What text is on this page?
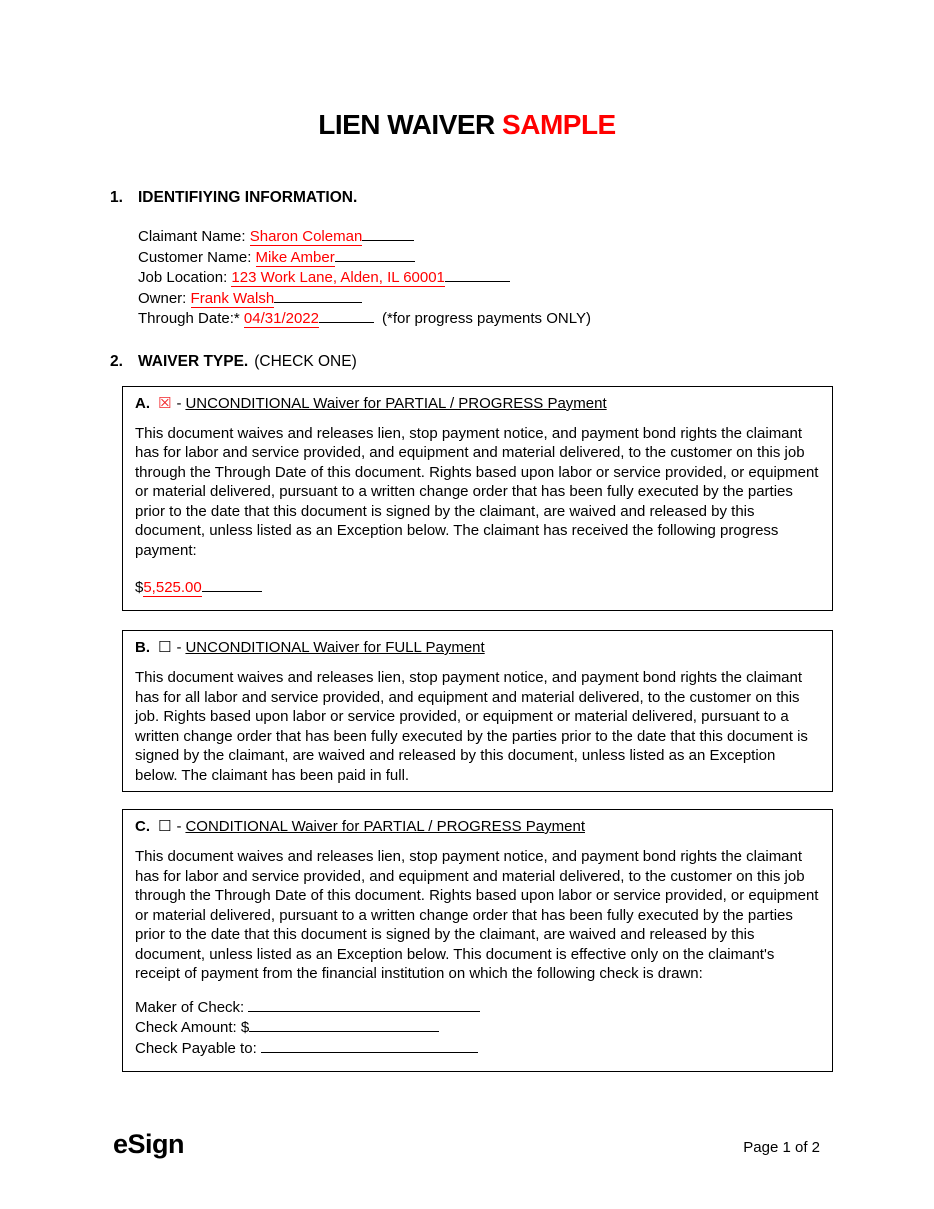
LIEN WAIVER SAMPLE
1. IDENTIFIYING INFORMATION.
Claimant Name: Sharon Coleman
Customer Name: Mike Amber
Job Location: 123 Work Lane, Alden, IL 60001
Owner: Frank Walsh
Through Date:* 04/31/2022	(*for progress payments ONLY)
2. WAIVER TYPE. (CHECK ONE)
A. ☒ - UNCONDITIONAL Waiver for PARTIAL / PROGRESS Payment

This document waives and releases lien, stop payment notice, and payment bond rights the claimant has for labor and service provided, and equipment and material delivered, to the customer on this job through the Through Date of this document. Rights based upon labor or service provided, or equipment or material delivered, pursuant to a written change order that has been fully executed by the parties prior to the date that this document is signed by the claimant, are waived and released by this document, unless listed as an Exception below. The claimant has received the following progress payment:

$5,525.00
B. ☐ - UNCONDITIONAL Waiver for FULL Payment

This document waives and releases lien, stop payment notice, and payment bond rights the claimant has for all labor and service provided, and equipment and material delivered, to the customer on this job. Rights based upon labor or service provided, or equipment or material delivered, pursuant to a written change order that has been fully executed by the parties prior to the date that this document is signed by the claimant, are waived and released by this document, unless listed as an Exception below. The claimant has been paid in full.

C. ☐ - CONDITIONAL Waiver for PARTIAL / PROGRESS Payment

This document waives and releases lien, stop payment notice, and payment bond rights the claimant has for labor and service provided, and equipment and material delivered, to the customer on this job through the Through Date of this document. Rights based upon labor or service provided, or equipment or material delivered, pursuant to a written change order that has been fully executed by the parties prior to the date that this document is signed by the claimant, are waived and released by this document, unless listed as an Exception below. This document is effective only on the claimant's receipt of payment from the financial institution on which the following check is drawn:

Maker of Check:
Check Amount: $
Check Payable to:
eSign	Page 1 of 2
